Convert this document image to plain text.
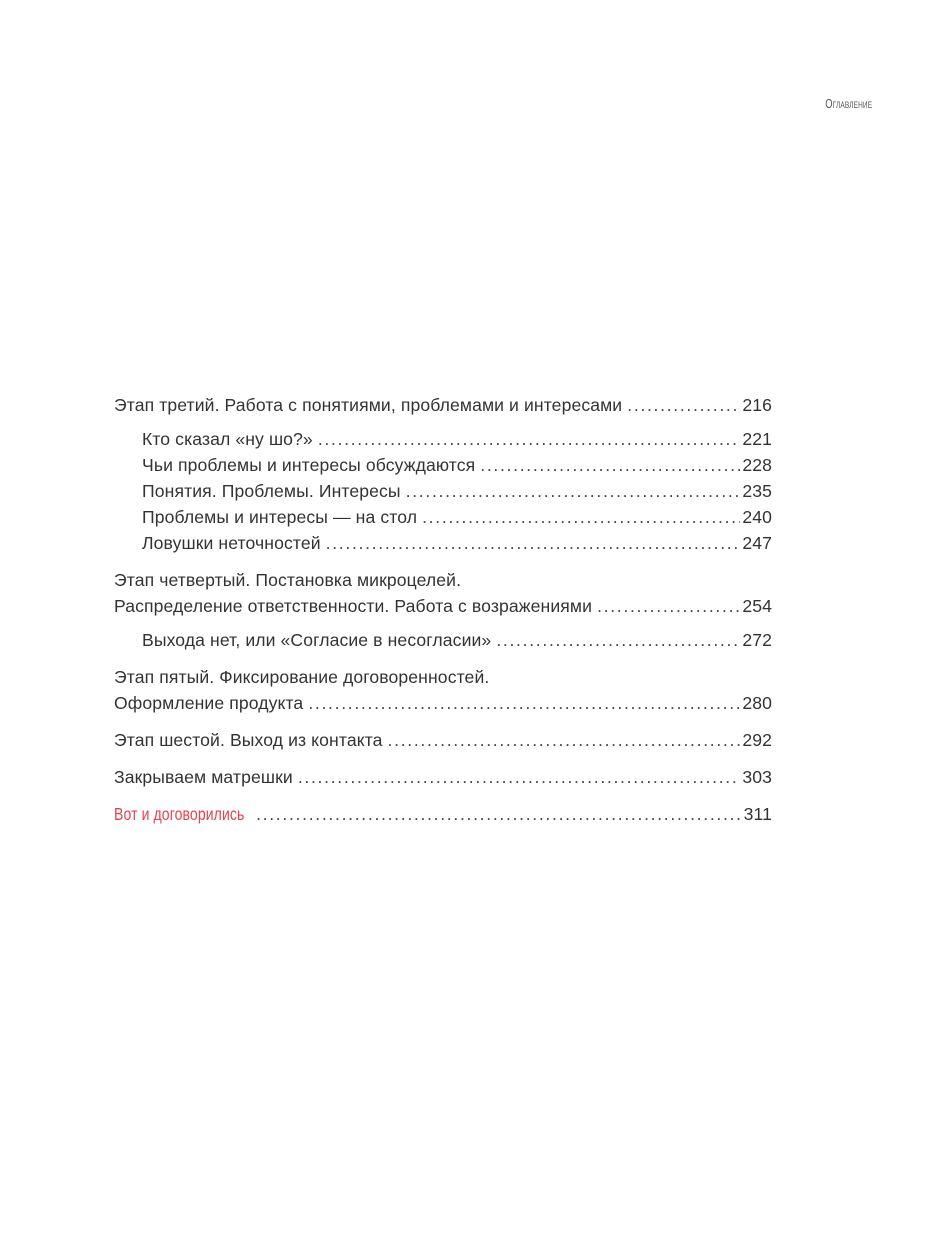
Оглавление
Этап третий. Работа с понятиями, проблемами и интересами . . .	216
Кто сказал «ну шо?» . . .	221
Чьи проблемы и интересы обсуждаются . . .	228
Понятия. Проблемы. Интересы . . .	235
Проблемы и интересы — на стол . . .	240
Ловушки неточностей . . .	247
Этап четвертый. Постановка микроцелей.
Распределение ответственности. Работа с возражениями . . .	254
Выхода нет, или «Согласие в несогласии» . . .	272
Этап пятый. Фиксирование договоренностей.
Оформление продукта . . .	280
Этап шестой. Выход из контакта . . .	292
Закрываем матрешки . . .	303
Вот и договорились . . .	311
